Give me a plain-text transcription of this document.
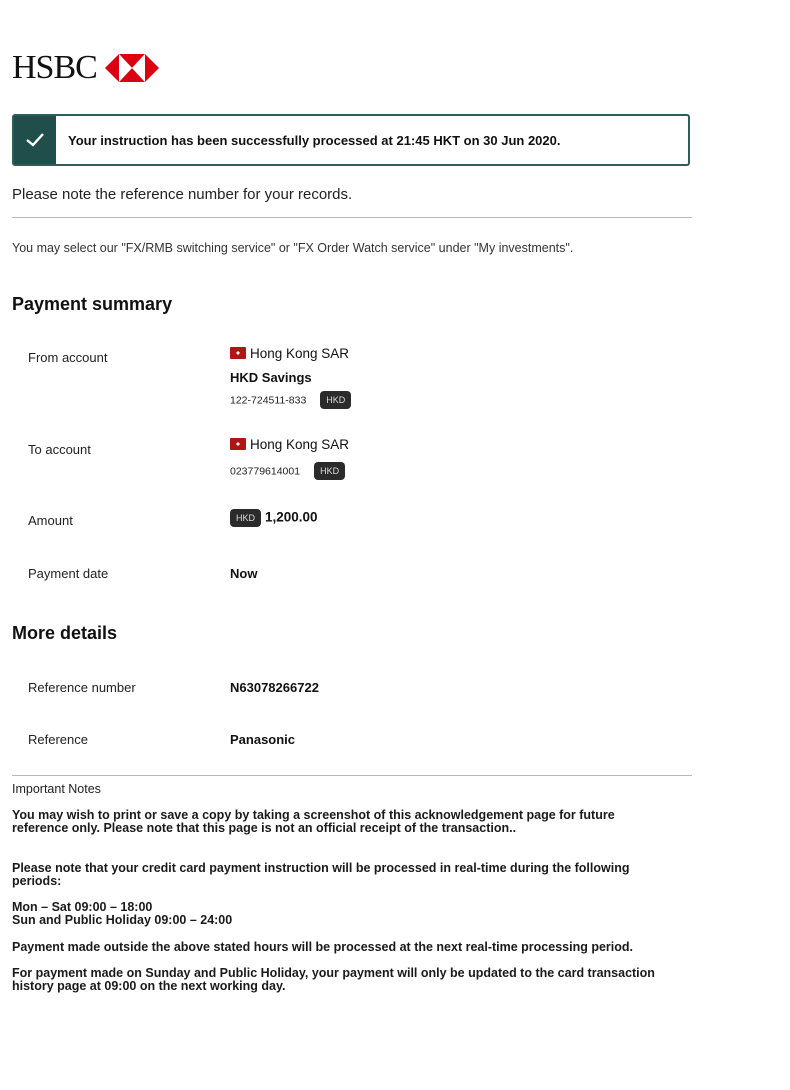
HSBC
Your instruction has been successfully processed at 21:45 HKT on 30 Jun 2020.
Please note the reference number for your records.
You may select our "FX/RMB switching service" or "FX Order Watch service" under "My investments".
Payment summary
From account	Hong Kong SAR
HKD Savings
122-724511-833 HKD
To account	Hong Kong SAR
023779614001 HKD
Amount	HKD 1,200.00
Payment date	Now
More details
Reference number	N63078266722
Reference	Panasonic
Important Notes

You may wish to print or save a copy by taking a screenshot of this acknowledgement page for future reference only. Please note that this page is not an official receipt of the transaction..

Please note that your credit card payment instruction will be processed in real-time during the following periods:

Mon – Sat 09:00 – 18:00

Sun and Public Holiday 09:00 – 24:00

Payment made outside the above stated hours will be processed at the next real-time processing period.

For payment made on Sunday and Public Holiday, your payment will only be updated to the card transaction history page at 09:00 on the next working day.
